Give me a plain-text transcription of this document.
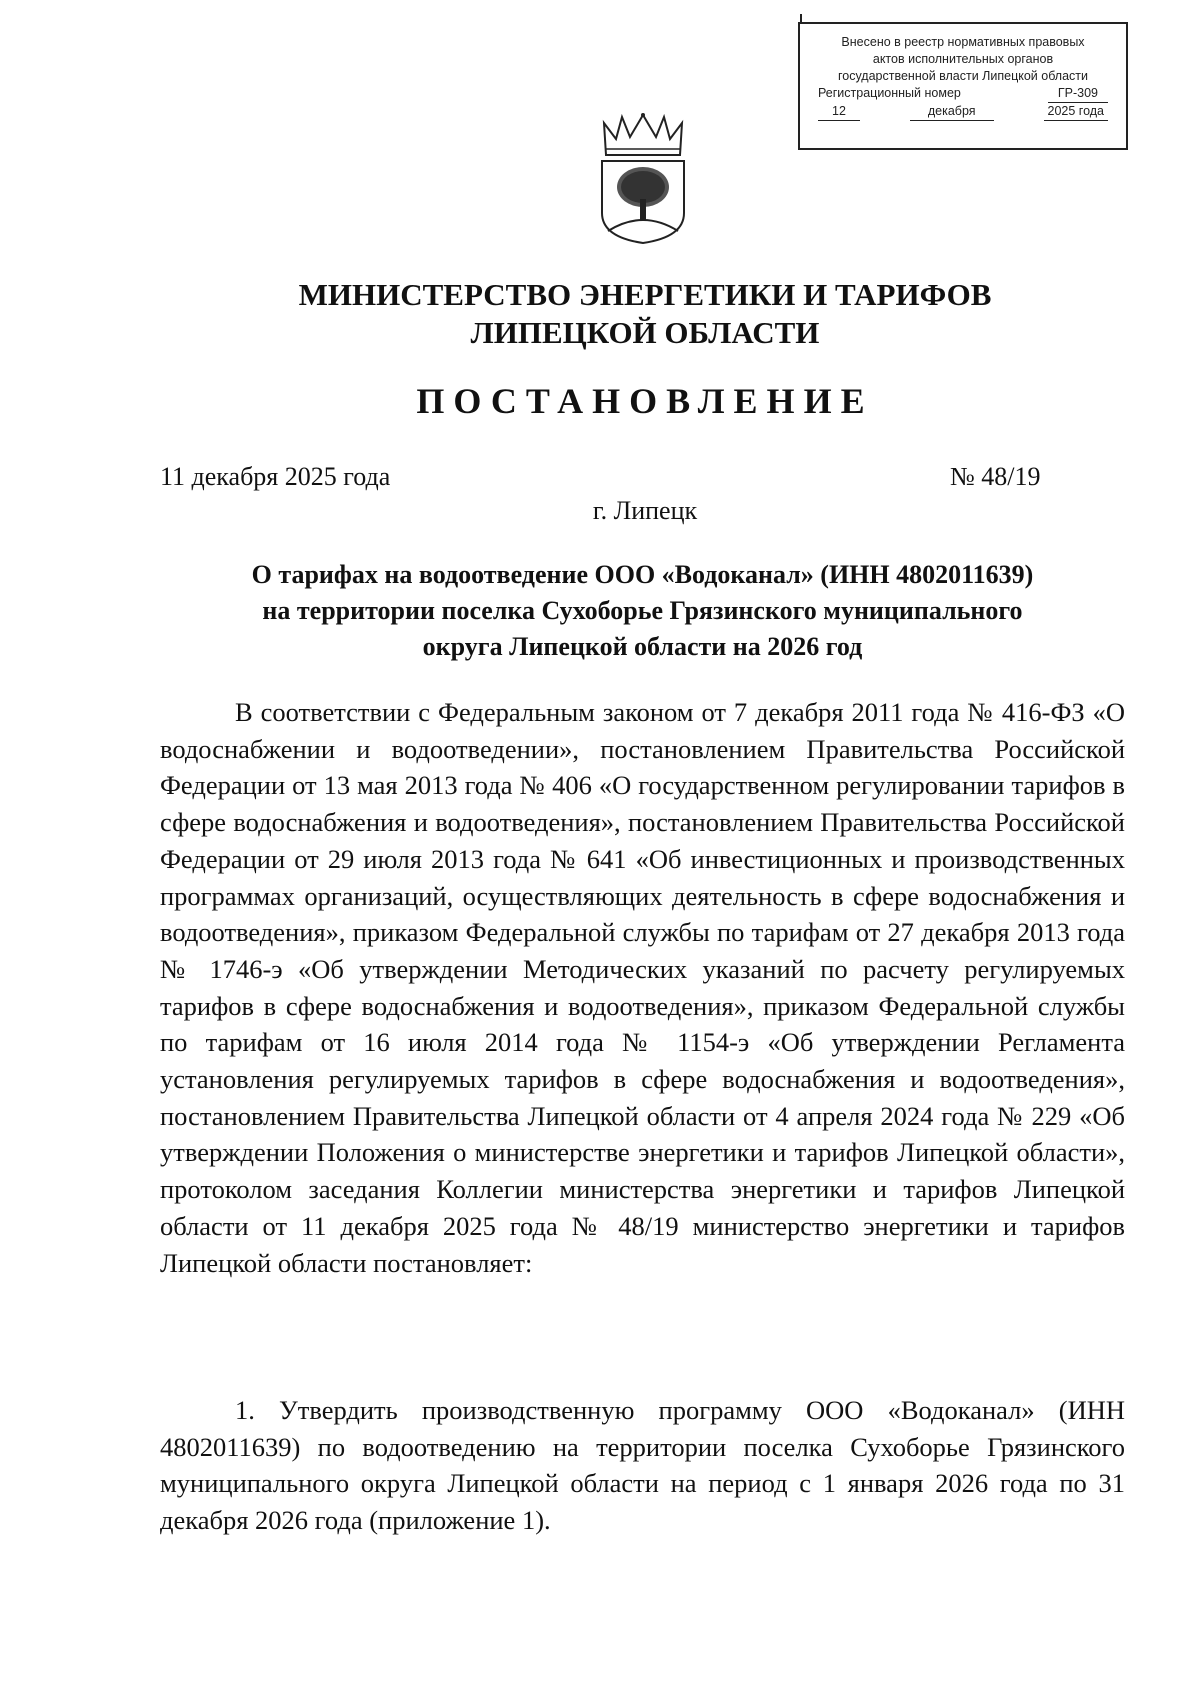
Внесено в реестр нормативных правовых
актов исполнительных органов
государственной власти Липецкой области
Регистрационный номер	ГР-309
12	декабря	2025 года
МИНИСТЕРСТВО ЭНЕРГЕТИКИ И ТАРИФОВ
ЛИПЕЦКОЙ ОБЛАСТИ
ПОСТАНОВЛЕНИЕ
11 декабря 2025 года	№ 48/19
г. Липецк
О тарифах на водоотведение ООО «Водоканал» (ИНН 4802011639)
на территории поселка Сухоборье Грязинского муниципального
округа Липецкой области на 2026 год
В соответствии с Федеральным законом от 7 декабря 2011 года № 416-ФЗ «О водоснабжении и водоотведении», постановлением Правительства Российской Федерации от 13 мая 2013 года № 406 «О государственном регулировании тарифов в сфере водоснабжения и водоотведения», постановлением Правительства Российской Федерации от 29 июля 2013 года № 641 «Об инвестиционных и производственных программах организаций, осуществляющих деятельность в сфере водоснабжения и водоотведения», приказом Федеральной службы по тарифам от 27 декабря 2013 года № 1746-э «Об утверждении Методических указаний по расчету регулируемых тарифов в сфере водоснабжения и водоотведения», приказом Федеральной службы по тарифам от 16 июля 2014 года № 1154-э «Об утверждении Регламента установления регулируемых тарифов в сфере водоснабжения и водоотведения», постановлением Правительства Липецкой области от 4 апреля 2024 года № 229 «Об утверждении Положения о министерстве энергетики и тарифов Липецкой области», протоколом заседания Коллегии министерства энергетики и тарифов Липецкой области от 11 декабря 2025 года № 48/19 министерство энергетики и тарифов Липецкой области постановляет:
1. Утвердить производственную программу ООО «Водоканал» (ИНН 4802011639) по водоотведению на территории поселка Сухоборье Грязинского муниципального округа Липецкой области на период с 1 января 2026 года по 31 декабря 2026 года (приложение 1).
